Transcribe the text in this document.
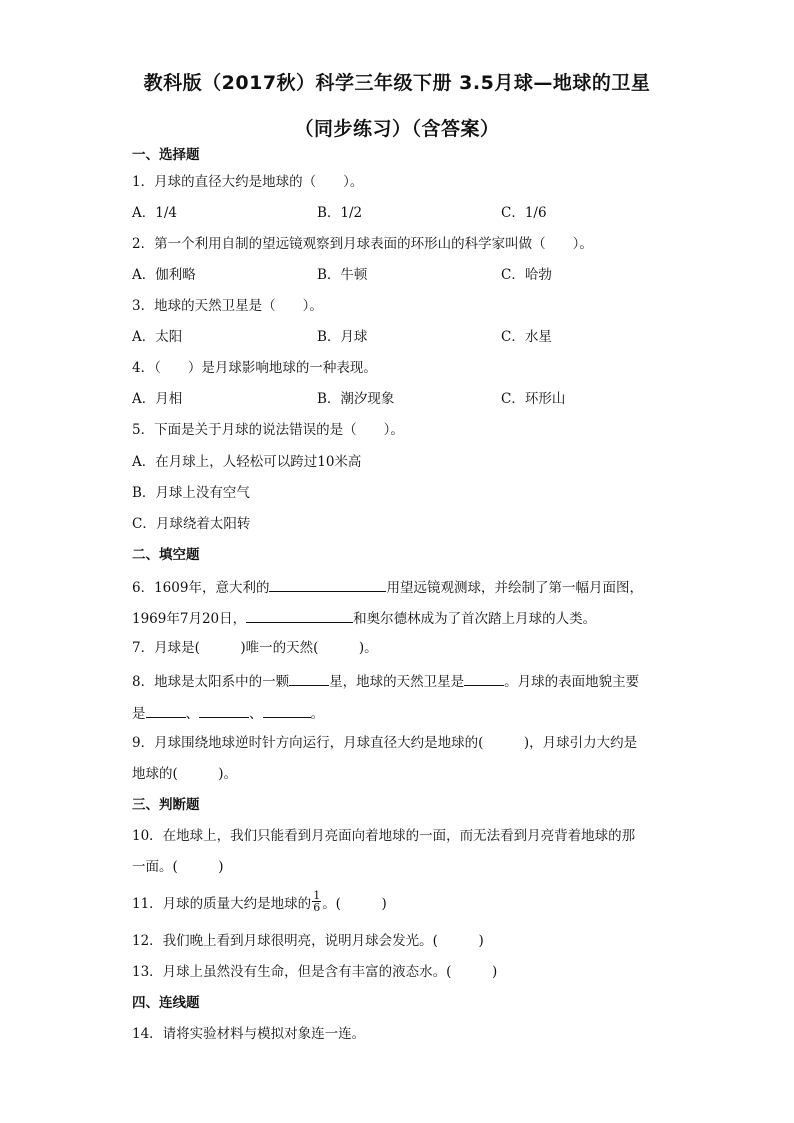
教科版（2017秋）科学三年级下册 3.5月球—地球的卫星
（同步练习）（含答案）
一、选择题
1．月球的直径大约是地球的（　　）。
A．1/4	B．1/2	C．1/6
2．第一个利用自制的望远镜观察到月球表面的环形山的科学家叫做（　　）。
A．伽利略	B．牛顿	C．哈勃
3．地球的天然卫星是（　　）。
A．太阳	B．月球	C．水星
4．（　　）是月球影响地球的一种表现。
A．月相	B．潮汐现象	C．环形山
5．下面是关于月球的说法错误的是（　　）。
A．在月球上，人轻松可以跨过10米高
B．月球上没有空气
C．月球绕着太阳转
二、填空题
6．1609年，意大利的	用望远镜观测球，并绘制了第一幅月面图，
1969年7月20日，	和奥尔德林成为了首次踏上月球的人类。
7．月球是(　　　)唯一的天然(　　　)。
8．地球是太阳系中的一颗	星，地球的天然卫星是	。月球的表面地貌主要
是	、	、	。
9．月球围绕地球逆时针方向运行，月球直径大约是地球的(　　　)，月球引力大约是
地球的(　　　)。
三、判断题
10．在地球上，我们只能看到月亮面向着地球的一面，而无法看到月亮背着地球的那
一面。(　　　)
11．月球的质量大约是地球的 $\frac{1}{6}$ 。(　　　)
12．我们晚上看到月球很明亮，说明月球会发光。(　　　)
13．月球上虽然没有生命，但是含有丰富的液态水。(　　　)
四、连线题
14．请将实验材料与模拟对象连一连。
